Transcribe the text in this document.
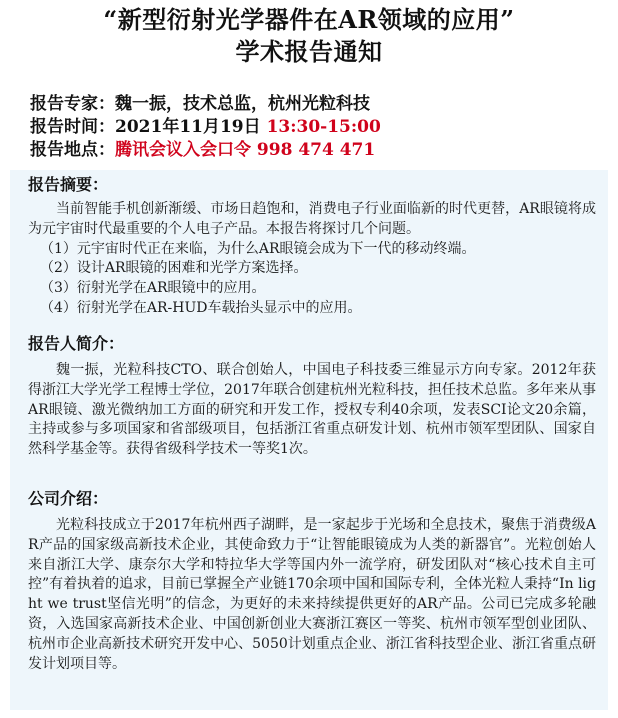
“新型衍射光学器件在AR领域的应用”
学术报告通知
报告专家：魏一振，技术总监，杭州光粒科技
报告时间：2021年11月19日 13:30-15:00
报告地点：腾讯会议入会口令 998 474 471
报告摘要：
当前智能手机创新渐缓、市场日趋饱和，消费电子行业面临新的时代更替，AR眼镜将成为元宇宙时代最重要的个人电子产品。本报告将探讨几个问题。
（1）元宇宙时代正在来临，为什么AR眼镜会成为下一代的移动终端。
（2）设计AR眼镜的困难和光学方案选择。
（3）衍射光学在AR眼镜中的应用。
（4）衍射光学在AR-HUD车载抬头显示中的应用。
报告人简介：
魏一振，光粒科技CTO、联合创始人，中国电子科技委三维显示方向专家。2012年获得浙江大学光学工程博士学位，2017年联合创建杭州光粒科技，担任技术总监。多年来从事AR眼镜、激光微纳加工方面的研究和开发工作，授权专利40余项，发表SCI论文20余篇，主持或参与多项国家和省部级项目，包括浙江省重点研发计划、杭州市领军型团队、国家自然科学基金等。获得省级科学技术一等奖1次。
公司介绍：
光粒科技成立于2017年杭州西子湖畔，是一家起步于光场和全息技术，聚焦于消费级AR产品的国家级高新技术企业，其使命致力于“让智能眼镜成为人类的新器官”。光粒创始人来自浙江大学、康奈尔大学和特拉华大学等国内外一流学府，研发团队对“核心技术自主可控”有着执着的追求，目前已掌握全产业链170余项中国和国际专利，全体光粒人秉持“In light we trust坚信光明”的信念，为更好的未来持续提供更好的AR产品。公司已完成多轮融资，入选国家高新技术企业、中国创新创业大赛浙江赛区一等奖、杭州市领军型创业团队、杭州市企业高新技术研究开发中心、5050计划重点企业、浙江省科技型企业、浙江省重点研发计划项目等。
